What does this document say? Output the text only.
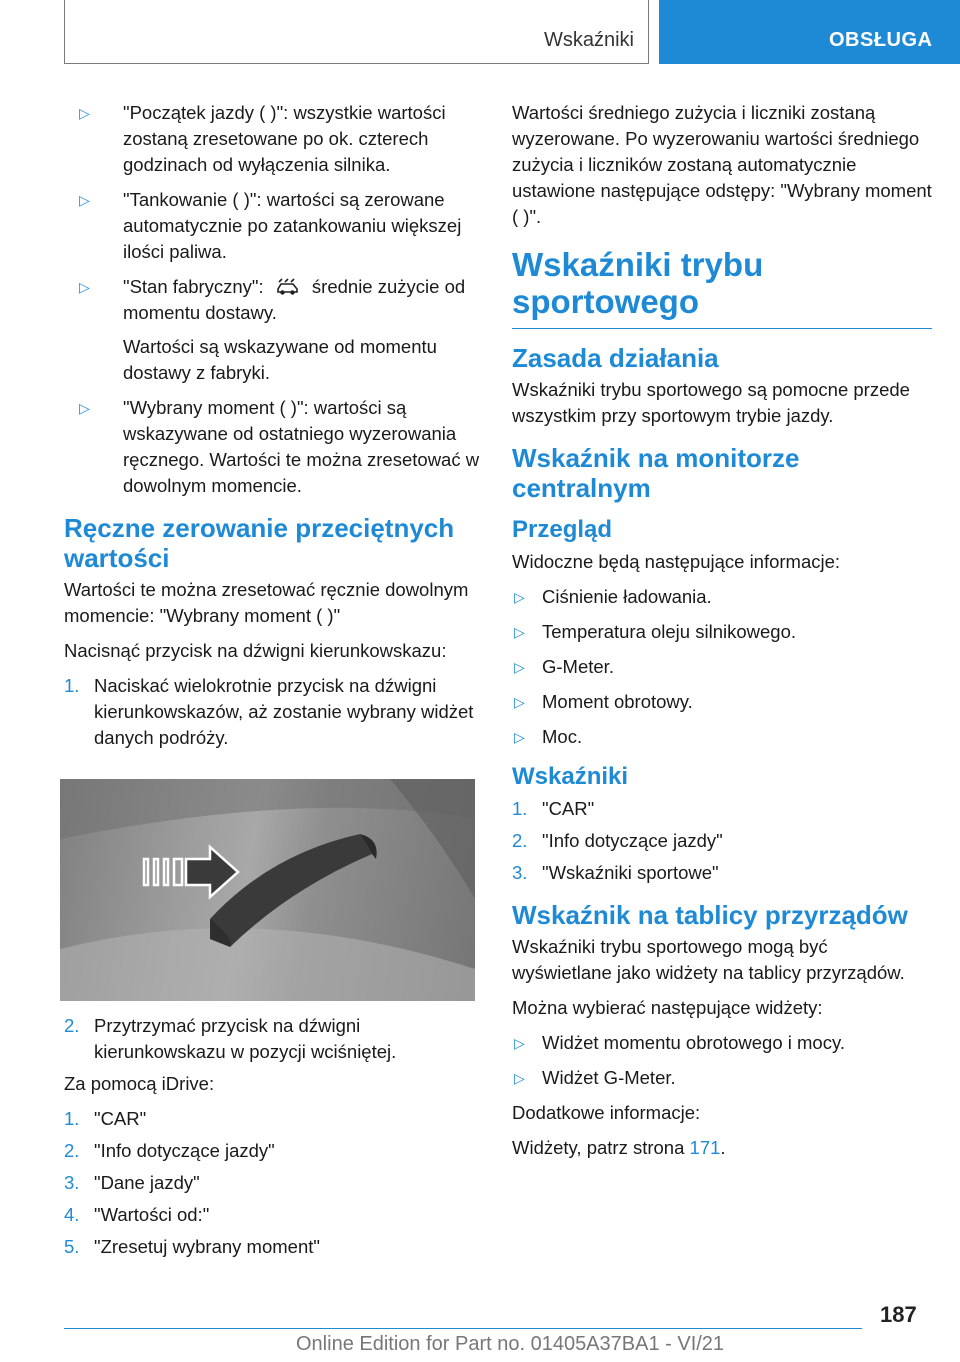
Wskaźniki	OBSŁUGA
▷ "Początek jazdy ( )": wszystkie wartości zostaną zresetowane po ok. czterech godzinach od wyłączenia silnika.
▷ "Tankowanie ( )": wartości są zerowane automatycznie po zatankowaniu większej ilości paliwa.
▷ "Stan fabryczny":	średnie zużycie od momentu dostawy.
Wartości są wskazywane od momentu dostawy z fabryki.
▷ "Wybrany moment ( )": wartości są wskazywane od ostatniego wyzerowania ręcznego. Wartości te można zresetować w dowolnym momencie.
Ręczne zerowanie przeciętnych wartości

Wartości te można zresetować ręcznie dowolnym momencie: "Wybrany moment ( )"

Nacisnąć przycisk na dźwigni kierunkowskazu:

1. Naciskać wielokrotnie przycisk na dźwigni kierunkowskazów, aż zostanie wybrany widżet danych podróży.
2. Przytrzymać przycisk na dźwigni kierunkowskazu w pozycji wciśniętej.

Za pomocą iDrive:

1. "CAR"
2. "Info dotyczące jazdy"
3. "Dane jazdy"
4. "Wartości od:"
5. "Zresetuj wybrany moment"

Wartości średniego zużycia i liczniki zostaną wyzerowane. Po wyzerowaniu wartości średniego zużycia i liczników zostaną automatycznie ustawione następujące odstępy: "Wybrany moment ( )".

Wskaźniki trybu sportowego
Zasada działania

Wskaźniki trybu sportowego są pomocne przede wszystkim przy sportowym trybie jazdy.

Wskaźnik na monitorze centralnym
Przegląd

Widoczne będą następujące informacje:

▷ Ciśnienie ładowania.
▷ Temperatura oleju silnikowego.
▷ G-Meter.
▷ Moment obrotowy.
▷ Moc.
Wskaźniki
1. "CAR"
2. "Info dotyczące jazdy"
3. "Wskaźniki sportowe"
Wskaźnik na tablicy przyrządów

Wskaźniki trybu sportowego mogą być wyświetlane jako widżety na tablicy przyrządów.

Można wybierać następujące widżety:

▷ Widżet momentu obrotowego i mocy.
▷ Widżet G-Meter.

Dodatkowe informacje:

Widżety, patrz strona 171.

187
Online Edition for Part no. 01405A37BA1 - VI/21
